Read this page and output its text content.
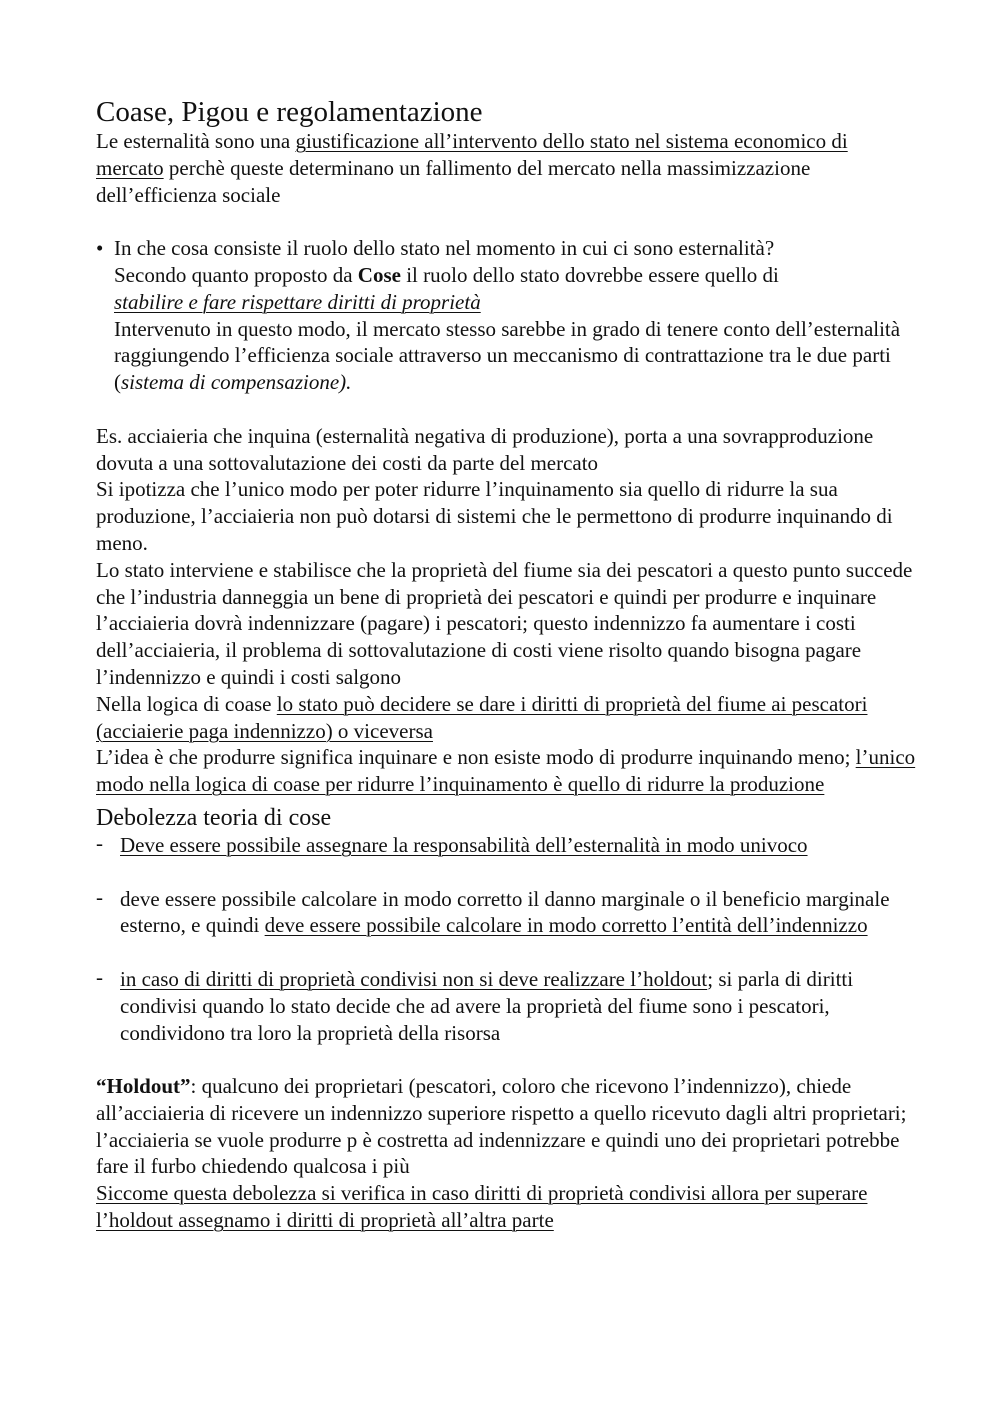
Coase, Pigou e regolamentazione

Le esternalità sono una giustificazione all’intervento dello stato nel sistema economico di mercato perchè queste determinano un fallimento del mercato nella massimizzazione dell’efficienza sociale

• In che cosa consiste il ruolo dello stato nel momento in cui ci sono esternalità?

Secondo quanto proposto da Cose il ruolo dello stato dovrebbe essere quello di
stabilire e fare rispettare diritti di proprietà

Intervenuto in questo modo, il mercato stesso sarebbe in grado di tenere conto dell’esternalità raggiungendo l’efficienza sociale attraverso un meccanismo di contrattazione tra le due parti (sistema di compensazione).

Es. acciaieria che inquina (esternalità negativa di produzione), porta a una sovrapproduzione dovuta a una sottovalutazione dei costi da parte del mercato

Si ipotizza che l’unico modo per poter ridurre l’inquinamento sia quello di ridurre la sua produzione, l’acciaieria non può dotarsi di sistemi che le permettono di produrre inquinando di meno.

Lo stato interviene e stabilisce che la proprietà del fiume sia dei pescatori a questo punto succede che l’industria danneggia un bene di proprietà dei pescatori e quindi per produrre e inquinare l’acciaieria dovrà indennizzare (pagare) i pescatori; questo indennizzo fa aumentare i costi dell’acciaieria, il problema di sottovalutazione di costi viene risolto quando bisogna pagare l’indennizzo e quindi i costi salgono

Nella logica di coase lo stato può decidere se dare i diritti di proprietà del fiume ai pescatori (acciaierie paga indennizzo) o viceversa

L’idea è che produrre significa inquinare e non esiste modo di produrre inquinando meno; l’unico modo nella logica di coase per ridurre l’inquinamento è quello di ridurre la produzione

Debolezza teoria di cose
- Deve essere possibile assegnare la responsabilità dell’esternalità in modo univoco

- deve essere possibile calcolare in modo corretto il danno marginale o il beneficio marginale esterno, e quindi deve essere possibile calcolare in modo corretto l’entità dell’indennizzo

- in caso di diritti di proprietà condivisi non si deve realizzare l’holdout; si parla di diritti condivisi quando lo stato decide che ad avere la proprietà del fiume sono i pescatori, condividono tra loro la proprietà della risorsa

“Holdout”: qualcuno dei proprietari (pescatori, coloro che ricevono l’indennizzo), chiede all’acciaieria di ricevere un indennizzo superiore rispetto a quello ricevuto dagli altri proprietari; l’acciaieria se vuole produrre p è costretta ad indennizzare e quindi uno dei proprietari potrebbe fare il furbo chiedendo qualcosa i più

Siccome questa debolezza si verifica in caso diritti di proprietà condivisi allora per superare l’holdout assegnamo i diritti di proprietà all’altra parte
